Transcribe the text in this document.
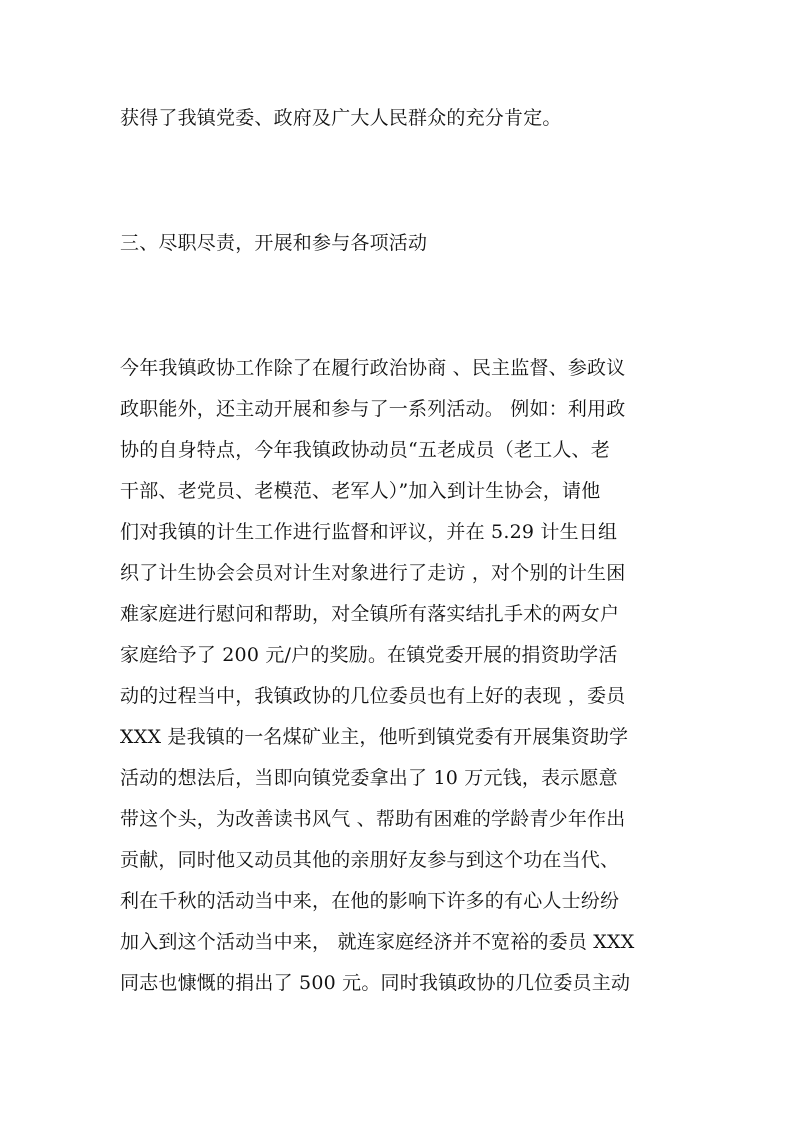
获得了我镇党委、政府及广大人民群众的充分肯定。
三、尽职尽责，开展和参与各项活动
今年我镇政协工作除了在履行政治协商 、民主监督、参政议
政职能外，还主动开展和参与了一系列活动。 例如：利用政
协的自身特点，今年我镇政协动员“五老成员（老工人、老
干部、老党员、老模范、老军人）”加入到计生协会，请他
们对我镇的计生工作进行监督和评议，并在 5.29 计生日组
织了计生协会会员对计生对象进行了走访 ，对个别的计生困
难家庭进行慰问和帮助，对全镇所有落实结扎手术的两女户
家庭给予了 200 元/户的奖励。在镇党委开展的捐资助学活
动的过程当中，我镇政协的几位委员也有上好的表现 ，委员
XXX 是我镇的一名煤矿业主，他听到镇党委有开展集资助学
活动的想法后，当即向镇党委拿出了 10 万元钱，表示愿意
带这个头，为改善读书风气 、帮助有困难的学龄青少年作出
贡献，同时他又动员其他的亲朋好友参与到这个功在当代、
利在千秋的活动当中来，在他的影响下许多的有心人士纷纷
加入到这个活动当中来， 就连家庭经济并不宽裕的委员 XXX
同志也慷慨的捐出了 500 元。同时我镇政协的几位委员主动
